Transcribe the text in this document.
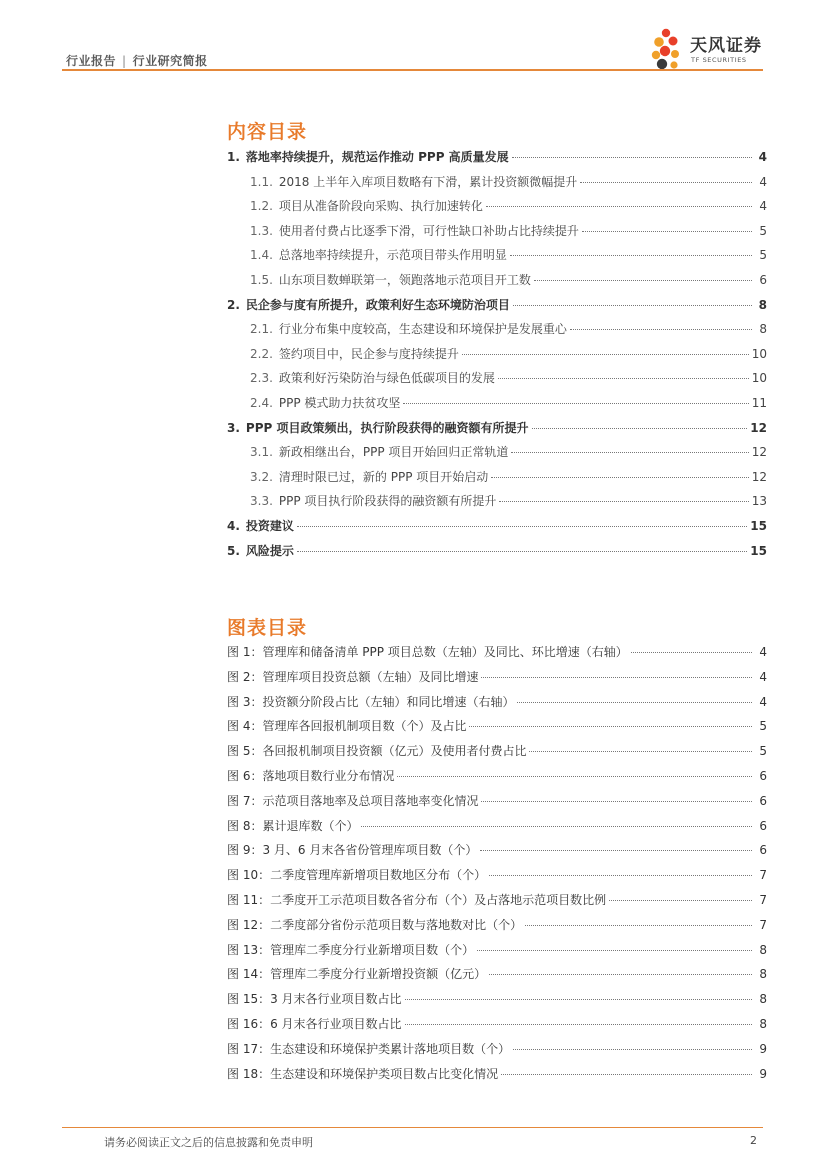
行业报告 | 行业研究简报
天风证券
TF SECURITIES
内容目录
1. 落地率持续提升，规范运作推动 PPP 高质量发展	4
1.1. 2018 上半年入库项目数略有下滑，累计投资额微幅提升	4
1.2. 项目从准备阶段向采购、执行加速转化	4
1.3. 使用者付费占比逐季下滑，可行性缺口补助占比持续提升	5
1.4. 总落地率持续提升，示范项目带头作用明显	5
1.5. 山东项目数蝉联第一，领跑落地示范项目开工数	6
2. 民企参与度有所提升，政策利好生态环境防治项目	8
2.1. 行业分布集中度较高，生态建设和环境保护是发展重心	8
2.2. 签约项目中，民企参与度持续提升	10
2.3. 政策利好污染防治与绿色低碳项目的发展	10
2.4. PPP 模式助力扶贫攻坚	11
3. PPP 项目政策频出，执行阶段获得的融资额有所提升	12
3.1. 新政相继出台，PPP 项目开始回归正常轨道	12
3.2. 清理时限已过，新的 PPP 项目开始启动	12
3.3. PPP 项目执行阶段获得的融资额有所提升	13
4. 投资建议	15
5. 风险提示	15
图表目录
图 1：管理库和储备清单 PPP 项目总数（左轴）及同比、环比增速（右轴）	4
图 2：管理库项目投资总额（左轴）及同比增速	4
图 3：投资额分阶段占比（左轴）和同比增速（右轴）	4
图 4：管理库各回报机制项目数（个）及占比	5
图 5：各回报机制项目投资额（亿元）及使用者付费占比	5
图 6：落地项目数行业分布情况	6
图 7：示范项目落地率及总项目落地率变化情况	6
图 8：累计退库数（个）	6
图 9：3 月、6 月末各省份管理库项目数（个）	6
图 10：二季度管理库新增项目数地区分布（个）	7
图 11：二季度开工示范项目数各省分布（个）及占落地示范项目数比例	7
图 12：二季度部分省份示范项目数与落地数对比（个）	7
图 13：管理库二季度分行业新增项目数（个）	8
图 14：管理库二季度分行业新增投资额（亿元）	8
图 15：3 月末各行业项目数占比	8
图 16：6 月末各行业项目数占比	8
图 17：生态建设和环境保护类累计落地项目数（个）	9
图 18：生态建设和环境保护类项目数占比变化情况	9
请务必阅读正文之后的信息披露和免责申明	2
